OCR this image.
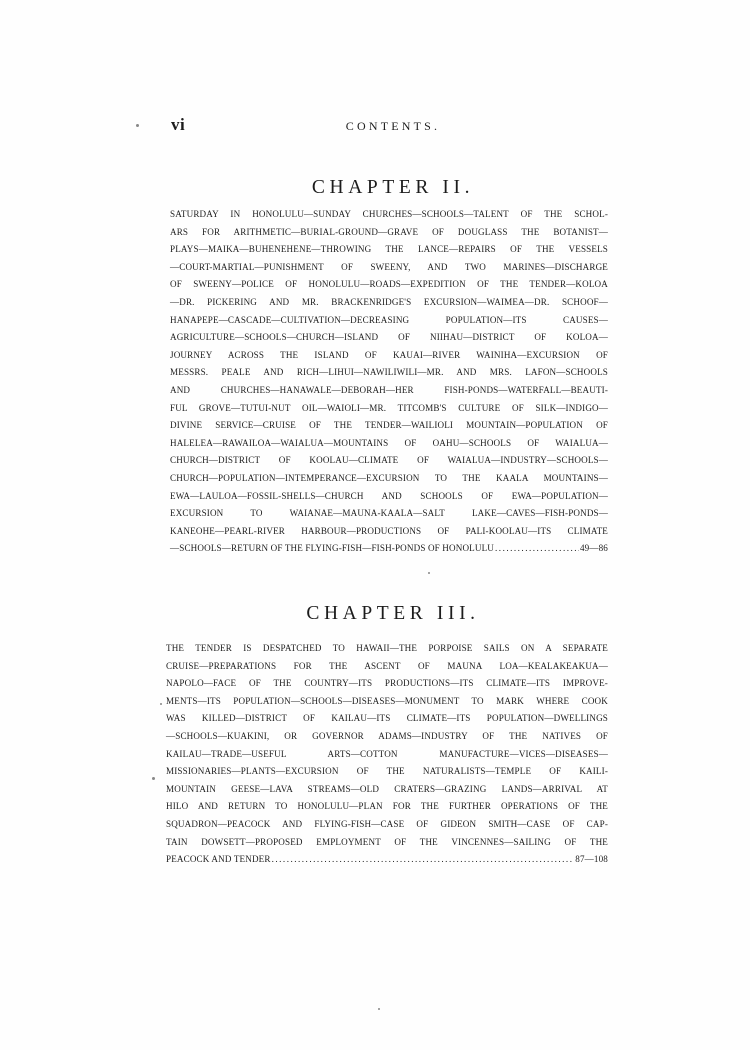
vi	CONTENTS.
CHAPTER II.
SATURDAY IN HONOLULU—SUNDAY CHURCHES—SCHOOLS—TALENT OF THE SCHOL-
ARS FOR ARITHMETIC—BURIAL-GROUND—GRAVE OF DOUGLASS THE BOTANIST—
PLAYS—MAIKA—BUHENEHENE—THROWING THE LANCE—REPAIRS OF THE VESSELS
—COURT-MARTIAL—PUNISHMENT OF SWEENY, AND TWO MARINES—DISCHARGE
OF SWEENY—POLICE OF HONOLULU—ROADS—EXPEDITION OF THE TENDER—KOLOA
—DR. PICKERING AND MR. BRACKENRIDGE'S EXCURSION—WAIMEA—DR. SCHOOF—
HANAPEPE—CASCADE—CULTIVATION—DECREASING POPULATION—ITS CAUSES—
AGRICULTURE—SCHOOLS—CHURCH—ISLAND OF NIIHAU—DISTRICT OF KOLOA—
JOURNEY ACROSS THE ISLAND OF KAUAI—RIVER WAINIHA—EXCURSION OF
MESSRS. PEALE AND RICH—LIHUI—NAWILIWILI—MR. AND MRS. LAFON—SCHOOLS
AND CHURCHES—HANAWALE—DEBORAH—HER FISH-PONDS—WATERFALL—BEAUTI-
FUL GROVE—TUTUI-NUT OIL—WAIOLI—MR. TITCOMB'S CULTURE OF SILK—INDIGO—
DIVINE SERVICE—CRUISE OF THE TENDER—WAILIOLI MOUNTAIN—POPULATION OF
HALELEA—RAWAILOA—WAIALUA—MOUNTAINS OF OAHU—SCHOOLS OF WAIALUA—
CHURCH—DISTRICT OF KOOLAU—CLIMATE OF WAIALUA—INDUSTRY—SCHOOLS—
CHURCH—POPULATION—INTEMPERANCE—EXCURSION TO THE KAALA MOUNTAINS—
EWA—LAULOA—FOSSIL-SHELLS—CHURCH AND SCHOOLS OF EWA—POPULATION—
EXCURSION TO WAIANAE—MAUNA-KAALA—SALT LAKE—CAVES—FISH-PONDS—
KANEOHE—PEARL-RIVER HARBOUR—PRODUCTIONS OF PALI-KOOLAU—ITS CLIMATE
—SCHOOLS—RETURN OF THE FLYING-FISH—FISH-PONDS OF HONOLULU .....	49—86
CHAPTER III.
THE TENDER IS DESPATCHED TO HAWAII—THE PORPOISE SAILS ON A SEPARATE
CRUISE—PREPARATIONS FOR THE ASCENT OF MAUNA LOA—KEALAKEAKUA—
NAPOLO—FACE OF THE COUNTRY—ITS PRODUCTIONS—ITS CLIMATE—ITS IMPROVE-
MENTS—ITS POPULATION—SCHOOLS—DISEASES—MONUMENT TO MARK WHERE COOK
WAS KILLED—DISTRICT OF KAILAU—ITS CLIMATE—ITS POPULATION—DWELLINGS
—SCHOOLS—KUAKINI, OR GOVERNOR ADAMS—INDUSTRY OF THE NATIVES OF
KAILAU—TRADE—USEFUL ARTS—COTTON MANUFACTURE—VICES—DISEASES—
MISSIONARIES—PLANTS—EXCURSION OF THE NATURALISTS—TEMPLE OF KAILI-
MOUNTAIN GEESE—LAVA STREAMS—OLD CRATERS—GRAZING LANDS—ARRIVAL AT
HILO AND RETURN TO HONOLULU—PLAN FOR THE FURTHER OPERATIONS OF THE
SQUADRON—PEACOCK AND FLYING-FISH—CASE OF GIDEON SMITH—CASE OF CAP-
TAIN DOWSETT—PROPOSED EMPLOYMENT OF THE VINCENNES—SAILING OF THE
PEACOCK AND TENDER .....	87—108
